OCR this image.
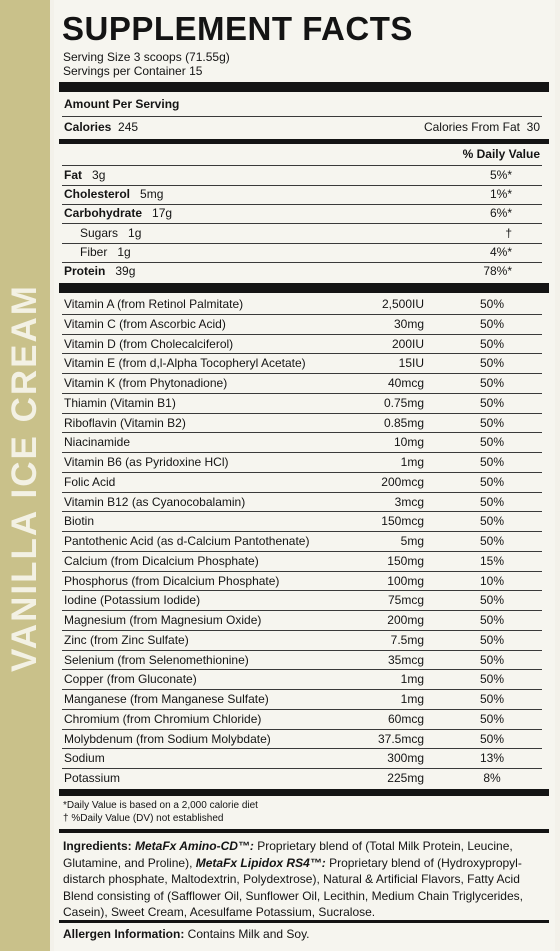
VANILLA ICE CREAM
SUPPLEMENT FACTS
Serving Size 3 scoops (71.55g)
Servings per Container 15
Amount Per Serving
Calories 245	Calories From Fat 30
% Daily Value
Fat 3g	5%*
Cholesterol 5mg	1%*
Carbohydrate 17g	6%*
Sugars 1g	†
Fiber 1g	4%*
Protein 39g	78%*
Vitamin A (from Retinol Palmitate)	2,500IU	50%
Vitamin C (from Ascorbic Acid)	30mg	50%
Vitamin D (from Cholecalciferol)	200IU	50%
Vitamin E (from d,l-Alpha Tocopheryl Acetate)	15IU	50%
Vitamin K (from Phytonadione)	40mcg	50%
Thiamin (Vitamin B1)	0.75mg	50%
Riboflavin (Vitamin B2)	0.85mg	50%
Niacinamide	10mg	50%
Vitamin B6 (as Pyridoxine HCl)	1mg	50%
Folic Acid	200mcg	50%
Vitamin B12 (as Cyanocobalamin)	3mcg	50%
Biotin	150mcg	50%
Pantothenic Acid (as d-Calcium Pantothenate)	5mg	50%
Calcium (from Dicalcium Phosphate)	150mg	15%
Phosphorus (from Dicalcium Phosphate)	100mg	10%
Iodine (Potassium Iodide)	75mcg	50%
Magnesium (from Magnesium Oxide)	200mg	50%
Zinc (from Zinc Sulfate)	7.5mg	50%
Selenium (from Selenomethionine)	35mcg	50%
Copper (from Gluconate)	1mg	50%
Manganese (from Manganese Sulfate)	1mg	50%
Chromium (from Chromium Chloride)	60mcg	50%
Molybdenum (from Sodium Molybdate)	37.5mcg	50%
Sodium	300mg	13%
Potassium	225mg	8%
*Daily Value is based on a 2,000 calorie diet
† %Daily Value (DV) not established
Ingredients: MetaFx Amino-CD™: Proprietary blend of (Total Milk Protein, Leucine, Glutamine, and Proline), MetaFx Lipidox RS4™: Proprietary blend of (Hydroxypropyl-distarch phosphate, Maltodextrin, Polydextrose), Natural & Artificial Flavors, Fatty Acid Blend consisting of (Safflower Oil, Sunflower Oil, Lecithin, Medium Chain Triglycerides, Casein), Sweet Cream, Acesulfame Potassium, Sucralose.
Allergen Information: Contains Milk and Soy.
